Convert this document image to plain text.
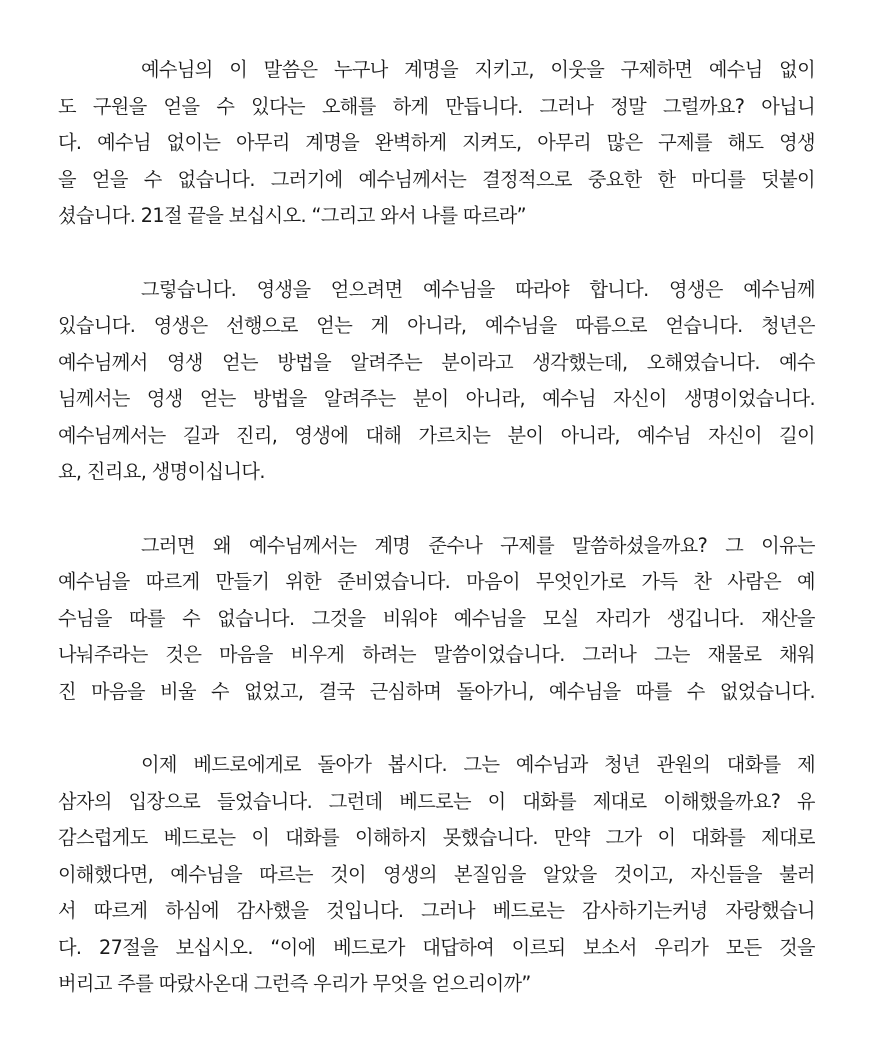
예수님의 이 말씀은 누구나 계명을 지키고, 이웃을 구제하면 예수님 없이
도 구원을 얻을 수 있다는 오해를 하게 만듭니다. 그러나 정말 그럴까요? 아닙니
다. 예수님 없이는 아무리 계명을 완벽하게 지켜도, 아무리 많은 구제를 해도 영생
을 얻을 수 없습니다. 그러기에 예수님께서는 결정적으로 중요한 한 마디를 덧붙이
셨습니다. 21절 끝을 보십시오. “그리고 와서 나를 따르라”

그렇습니다. 영생을 얻으려면 예수님을 따라야 합니다. 영생은 예수님께
있습니다. 영생은 선행으로 얻는 게 아니라, 예수님을 따름으로 얻습니다. 청년은
예수님께서 영생 얻는 방법을 알려주는 분이라고 생각했는데, 오해였습니다. 예수
님께서는 영생 얻는 방법을 알려주는 분이 아니라, 예수님 자신이 생명이었습니다.
예수님께서는 길과 진리, 영생에 대해 가르치는 분이 아니라, 예수님 자신이 길이
요, 진리요, 생명이십니다.

그러면 왜 예수님께서는 계명 준수나 구제를 말씀하셨을까요? 그 이유는
예수님을 따르게 만들기 위한 준비였습니다. 마음이 무엇인가로 가득 찬 사람은 예
수님을 따를 수 없습니다. 그것을 비워야 예수님을 모실 자리가 생깁니다. 재산을
나눠주라는 것은 마음을 비우게 하려는 말씀이었습니다. 그러나 그는 재물로 채워
진 마음을 비울 수 없었고, 결국 근심하며 돌아가니, 예수님을 따를 수 없었습니다.

이제 베드로에게로 돌아가 봅시다. 그는 예수님과 청년 관원의 대화를 제
삼자의 입장으로 들었습니다. 그런데 베드로는 이 대화를 제대로 이해했을까요? 유
감스럽게도 베드로는 이 대화를 이해하지 못했습니다. 만약 그가 이 대화를 제대로
이해했다면, 예수님을 따르는 것이 영생의 본질임을 알았을 것이고, 자신들을 불러
서 따르게 하심에 감사했을 것입니다. 그러나 베드로는 감사하기는커녕 자랑했습니
다. 27절을 보십시오. “이에 베드로가 대답하여 이르되 보소서 우리가 모든 것을
버리고 주를 따랐사온대 그런즉 우리가 무엇을 얻으리이까”
